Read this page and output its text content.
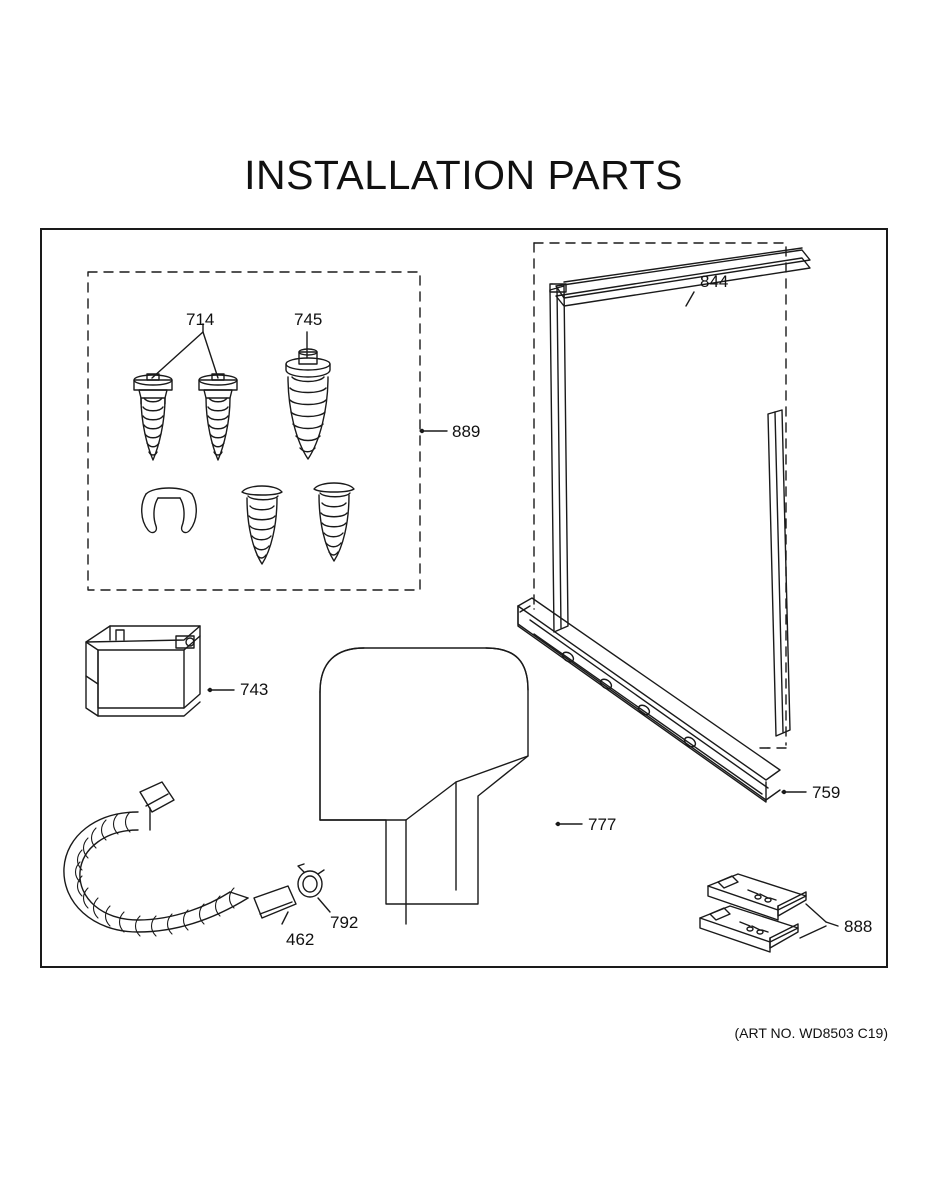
INSTALLATION PARTS
714	745
889
844
743
759
777
462
792	888
(ART NO. WD8503 C19)
